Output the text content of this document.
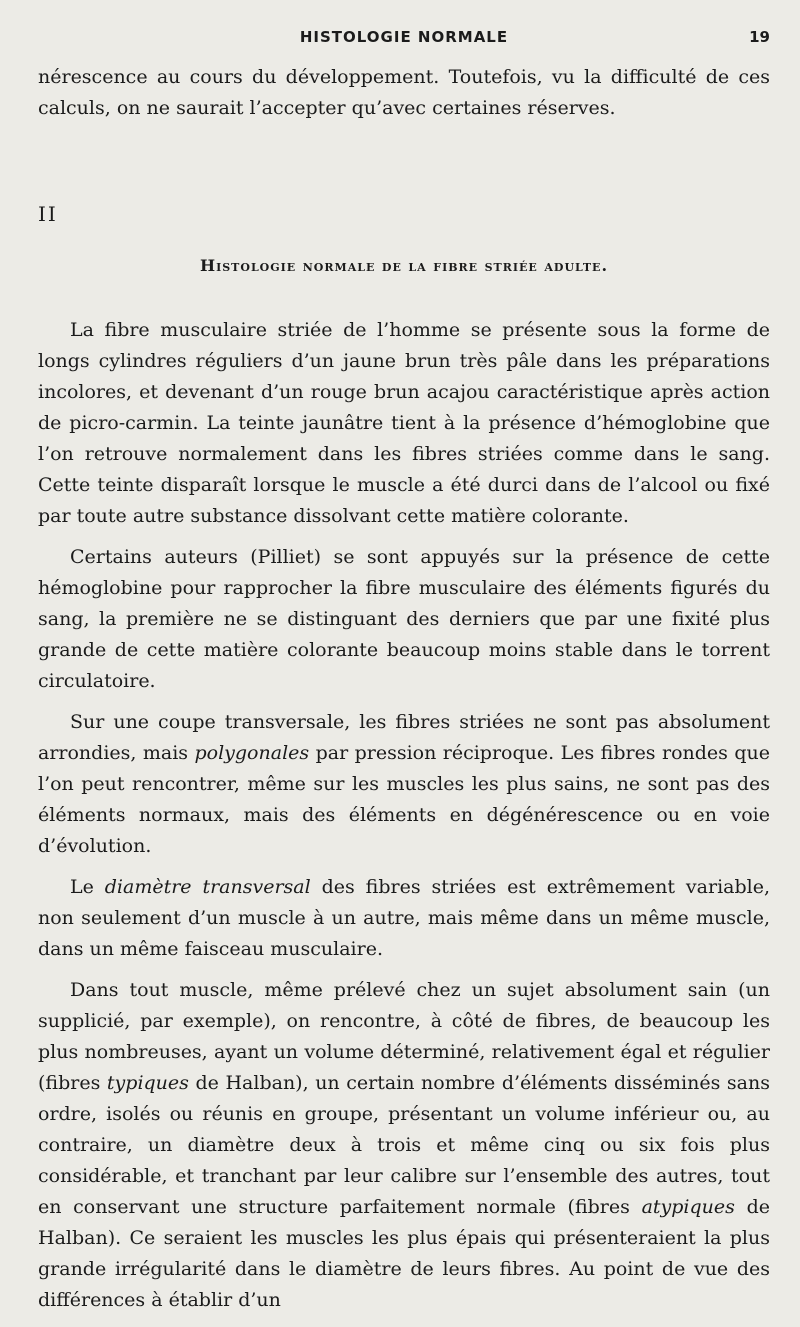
HISTOLOGIE NORMALE	19

nérescence au cours du développement. Toutefois, vu la difficulté de ces calculs, on ne saurait l’accepter qu’avec certaines réserves.

II

Histologie normale de la fibre striée adulte.

La fibre musculaire striée de l’homme se présente sous la forme de longs cylindres réguliers d’un jaune brun très pâle dans les préparations incolores, et devenant d’un rouge brun acajou caractéristique après action de picro-carmin. La teinte jaunâtre tient à la présence d’hémoglobine que l’on retrouve normalement dans les fibres striées comme dans le sang. Cette teinte disparaît lorsque le muscle a été durci dans de l’alcool ou fixé par toute autre substance dissolvant cette matière colorante.

Certains auteurs (Pilliet) se sont appuyés sur la présence de cette hémoglobine pour rapprocher la fibre musculaire des éléments figurés du sang, la première ne se distinguant des derniers que par une fixité plus grande de cette matière colorante beaucoup moins stable dans le torrent circulatoire.

Sur une coupe transversale, les fibres striées ne sont pas absolument arrondies, mais polygonales par pression réciproque. Les fibres rondes que l’on peut rencontrer, même sur les muscles les plus sains, ne sont pas des éléments normaux, mais des éléments en dégénérescence ou en voie d’évolution.

Le diamètre transversal des fibres striées est extrêmement variable, non seulement d’un muscle à un autre, mais même dans un même muscle, dans un même faisceau musculaire.

Dans tout muscle, même prélevé chez un sujet absolument sain (un supplicié, par exemple), on rencontre, à côté de fibres, de beaucoup les plus nombreuses, ayant un volume déterminé, relativement égal et régulier (fibres typiques de Halban), un certain nombre d’éléments disséminés sans ordre, isolés ou réunis en groupe, présentant un volume inférieur ou, au contraire, un diamètre deux à trois et même cinq ou six fois plus considérable, et tranchant par leur calibre sur l’ensemble des autres, tout en conservant une structure parfaitement normale (fibres atypiques de Halban). Ce seraient les muscles les plus épais qui présenteraient la plus grande irrégularité dans le diamètre de leurs fibres. Au point de vue des différences à établir d’un
